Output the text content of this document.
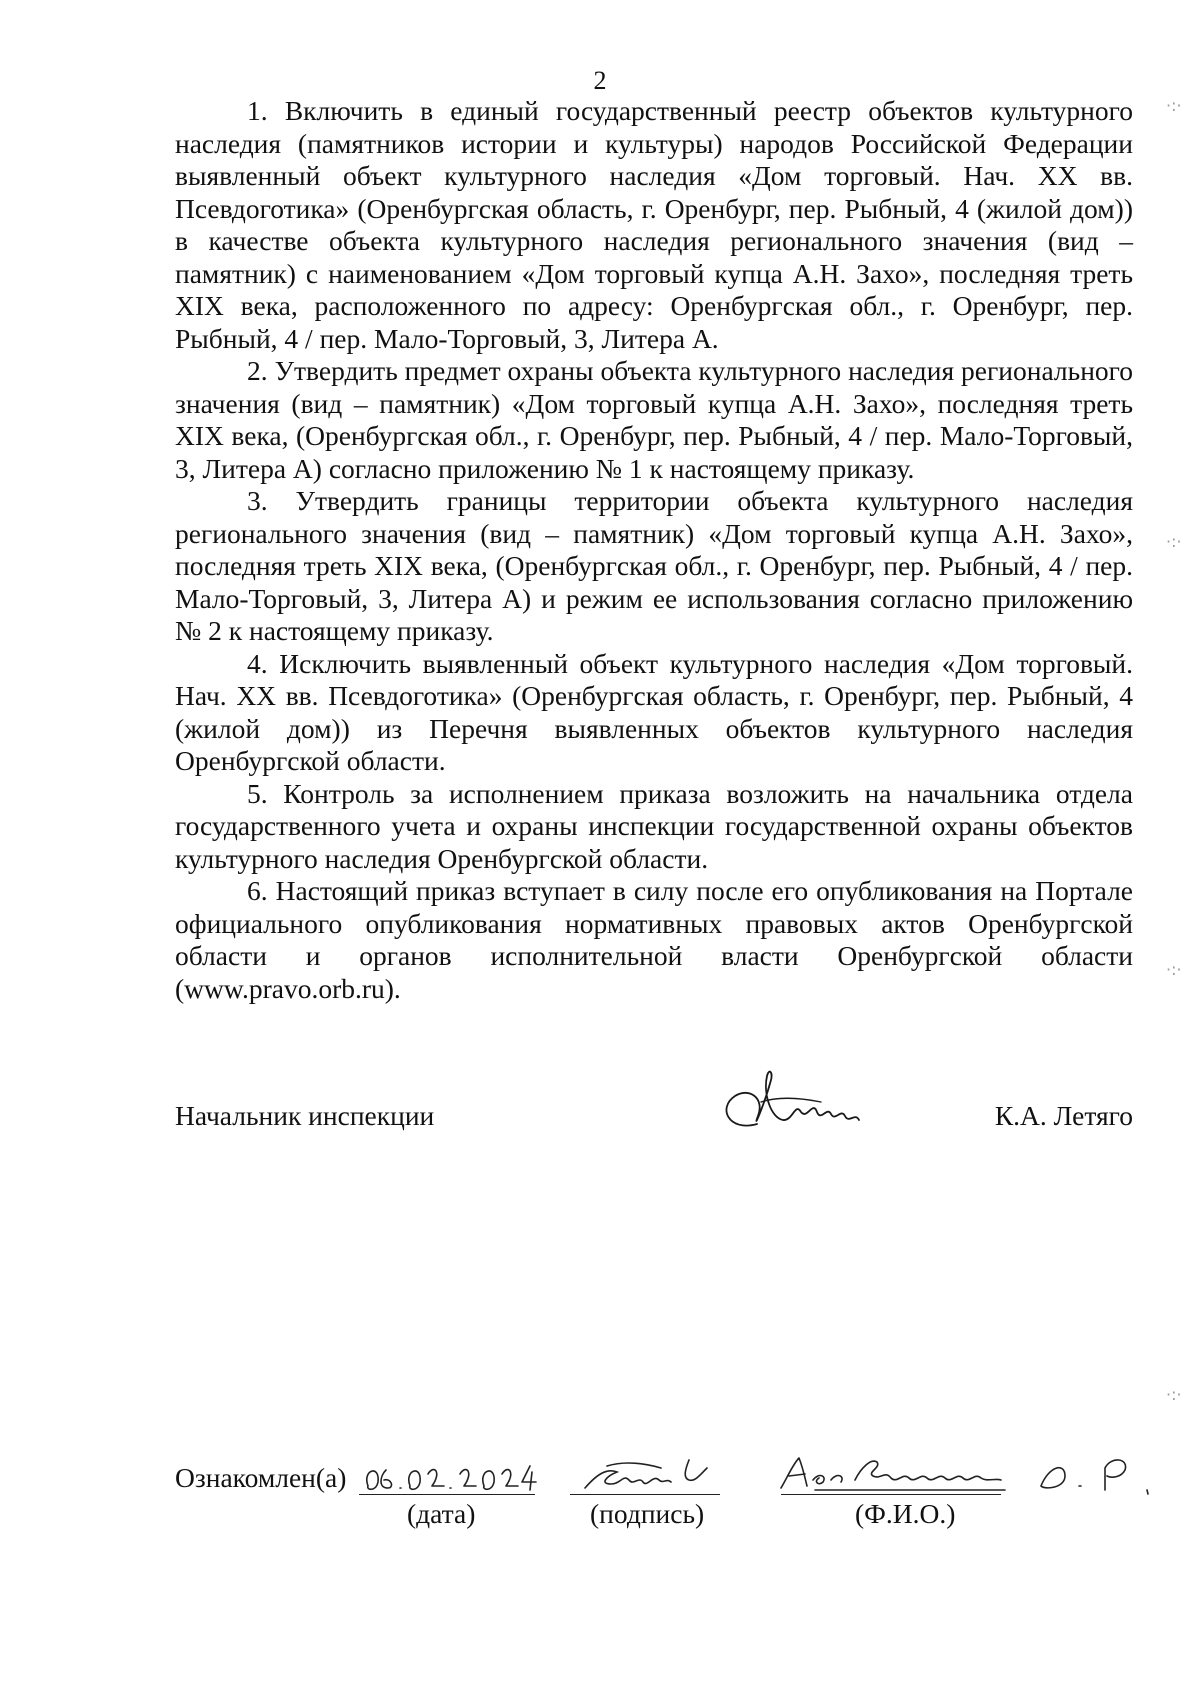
2

1. Включить в единый государственный реестр объектов культурного наследия (памятников истории и культуры) народов Российской Федерации выявленный объект культурного наследия «Дом торговый. Нач. XX вв. Псевдоготика» (Оренбургская область, г. Оренбург, пер. Рыбный, 4 (жилой дом)) в качестве объекта культурного наследия регионального значения (вид – памятник) с наименованием «Дом торговый купца А.Н. Захо», последняя треть XIX века, расположенного по адресу: Оренбургская обл., г. Оренбург, пер. Рыбный, 4 / пер. Мало-Торговый, 3, Литера А.

2. Утвердить предмет охраны объекта культурного наследия регионального значения (вид – памятник) «Дом торговый купца А.Н. Захо», последняя треть XIX века, (Оренбургская обл., г. Оренбург, пер. Рыбный, 4 / пер. Мало-Торговый, 3, Литера А) согласно приложению № 1 к настоящему приказу.

3. Утвердить границы территории объекта культурного наследия регионального значения (вид – памятник) «Дом торговый купца А.Н. Захо», последняя треть XIX века, (Оренбургская обл., г. Оренбург, пер. Рыбный, 4 / пер. Мало-Торговый, 3, Литера А) и режим ее использования согласно приложению № 2 к настоящему приказу.

4. Исключить выявленный объект культурного наследия «Дом торговый. Нач. XX вв. Псевдоготика» (Оренбургская область, г. Оренбург, пер. Рыбный, 4 (жилой дом)) из Перечня выявленных объектов культурного наследия Оренбургской области.

5. Контроль за исполнением приказа возложить на начальника отдела государственного учета и охраны инспекции государственной охраны объектов культурного наследия Оренбургской области.

6. Настоящий приказ вступает в силу после его опубликования на Портале официального опубликования нормативных правовых актов Оренбургской области и органов исполнительной власти Оренбургской области (www.pravo.orb.ru).

Начальник инспекции	К.А. Летяго
Ознакомлен(а)
(дата)	(подпись)	(Ф.И.О.)
·:·
·:·
·:·
·:·
